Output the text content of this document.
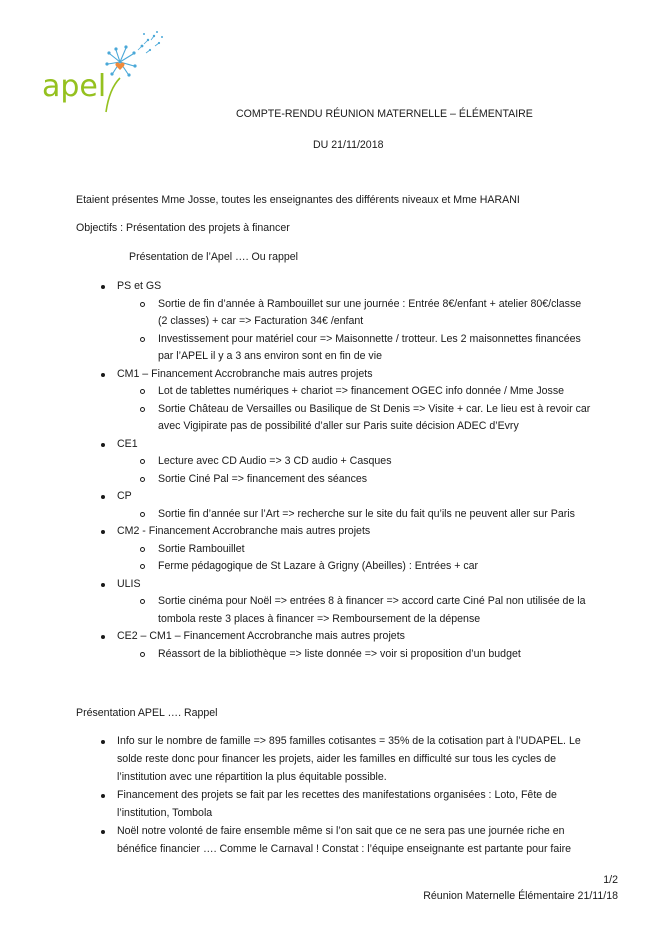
apel
COMPTE-RENDU RÉUNION MATERNELLE – ÉLÉMENTAIRE
DU 21/11/2018
Etaient présentes Mme Josse, toutes les enseignantes des différents niveaux et Mme HARANI
Objectifs : Présentation des projets à financer
Présentation de l’Apel …. Ou rappel
PS et GS
Sortie de fin d’année à Rambouillet sur une journée : Entrée 8€/enfant + atelier 80€/classe
(2 classes) + car => Facturation 34€ /enfant
Investissement pour matériel cour => Maisonnette / trotteur. Les 2 maisonnettes financées
par l’APEL il y a 3 ans environ sont en fin de vie
CM1 – Financement Accrobranche mais autres projets
Lot de tablettes numériques + chariot => financement OGEC info donnée / Mme Josse
Sortie Château de Versailles ou Basilique de St Denis => Visite + car. Le lieu est à revoir car
avec Vigipirate pas de possibilité d’aller sur Paris suite décision ADEC d’Evry
CE1
Lecture avec CD Audio => 3 CD audio + Casques
Sortie Ciné Pal => financement des séances
CP
Sortie fin d’année sur l’Art => recherche sur le site du fait qu’ils ne peuvent aller sur Paris
CM2 - Financement Accrobranche mais autres projets
Sortie Rambouillet
Ferme pédagogique de St Lazare à Grigny (Abeilles) : Entrées + car
ULIS
Sortie cinéma pour Noël => entrées 8 à financer => accord carte Ciné Pal non utilisée de la
tombola reste 3 places à financer => Remboursement de la dépense
CE2 – CM1 – Financement Accrobranche mais autres projets
Réassort de la bibliothèque => liste donnée => voir si proposition d’un budget
Présentation APEL …. Rappel
Info sur le nombre de famille => 895 familles cotisantes = 35% de la cotisation part à l’UDAPEL. Le
solde reste donc pour financer les projets, aider les familles en difficulté sur tous les cycles de
l’institution avec une répartition la plus équitable possible.
Financement des projets se fait par les recettes des manifestations organisées : Loto, Fête de
l’institution, Tombola
Noël notre volonté de faire ensemble même si l’on sait que ce ne sera pas une journée riche en
bénéfice financier …. Comme le Carnaval ! Constat : l’équipe enseignante est partante pour faire
1/2
Réunion Maternelle Élémentaire 21/11/18
